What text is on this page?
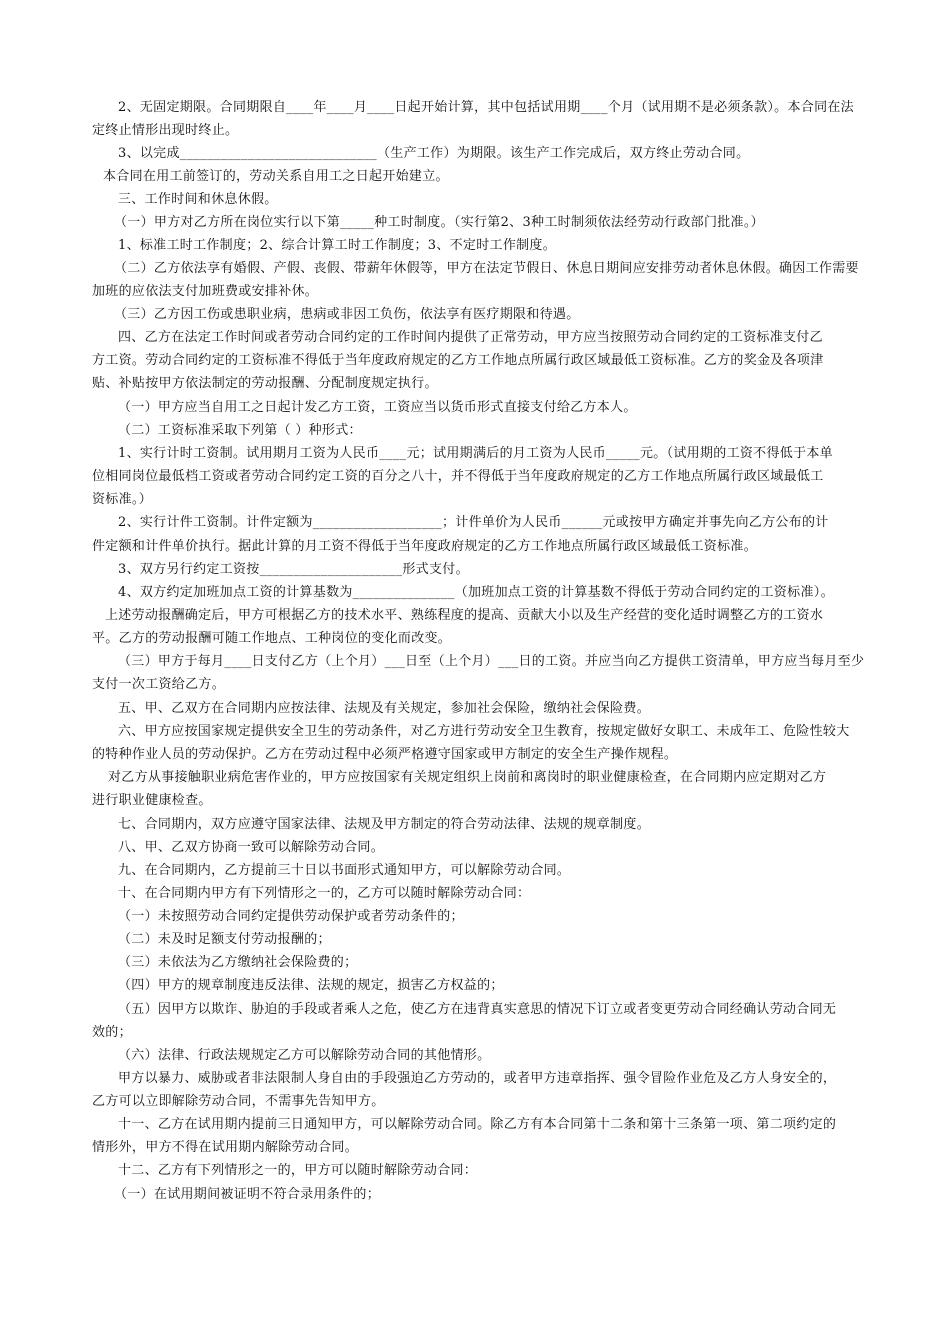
2、无固定期限。合同期限自____年____月____日起开始计算，其中包括试用期____个月（试用期不是必须条款）。本合同在法
定终止情形出现时终止。
3、以完成_____________________________（生产工作）为期限。该生产工作完成后，双方终止劳动合同。
本合同在用工前签订的，劳动关系自用工之日起开始建立。
三、工作时间和休息休假。
（一）甲方对乙方所在岗位实行以下第_____种工时制度。（实行第2、3种工时制须依法经劳动行政部门批准。）
1、标准工时工作制度；2、综合计算工时工作制度；3、不定时工作制度。
（二）乙方依法享有婚假、产假、丧假、带薪年休假等，甲方在法定节假日、休息日期间应安排劳动者休息休假。确因工作需要
加班的应依法支付加班费或安排补休。
（三）乙方因工伤或患职业病，患病或非因工负伤，依法享有医疗期限和待遇。
四、乙方在法定工作时间或者劳动合同约定的工作时间内提供了正常劳动，甲方应当按照劳动合同约定的工资标准支付乙
方工资。劳动合同约定的工资标准不得低于当年度政府规定的乙方工作地点所属行政区域最低工资标准。乙方的奖金及各项津
贴、补贴按甲方依法制定的劳动报酬、分配制度规定执行。
（一）甲方应当自用工之日起计发乙方工资，工资应当以货币形式直接支付给乙方本人。
（二）工资标准采取下列第（ ）种形式：
1、实行计时工资制。试用期月工资为人民币____元；试用期满后的月工资为人民币_____元。（试用期的工资不得低于本单
位相同岗位最低档工资或者劳动合同约定工资的百分之八十，并不得低于当年度政府规定的乙方工作地点所属行政区域最低工
资标准。）
2、实行计件工资制。计件定额为___________________；计件单价为人民币______元或按甲方确定并事先向乙方公布的计
件定额和计件单价执行。据此计算的月工资不得低于当年度政府规定的乙方工作地点所属行政区域最低工资标准。
3、双方另行约定工资按_____________________形式支付。
4、双方约定加班加点工资的计算基数为_______________（加班加点工资的计算基数不得低于劳动合同约定的工资标准）。
上述劳动报酬确定后，甲方可根据乙方的技术水平、熟练程度的提高、贡献大小以及生产经营的变化适时调整乙方的工资水
平。乙方的劳动报酬可随工作地点、工种岗位的变化而改变。
（三）甲方于每月____日支付乙方（上个月）___日至（上个月）___日的工资。并应当向乙方提供工资清单，甲方应当每月至少
支付一次工资给乙方。
五、甲、乙双方在合同期内应按法律、法规及有关规定，参加社会保险，缴纳社会保险费。
六、甲方应按国家规定提供安全卫生的劳动条件，对乙方进行劳动安全卫生教育，按规定做好女职工、未成年工、危险性较大
的特种作业人员的劳动保护。乙方在劳动过程中必须严格遵守国家或甲方制定的安全生产操作规程。
对乙方从事接触职业病危害作业的，甲方应按国家有关规定组织上岗前和离岗时的职业健康检查，在合同期内应定期对乙方
进行职业健康检查。
七、合同期内，双方应遵守国家法律、法规及甲方制定的符合劳动法律、法规的规章制度。
八、甲、乙双方协商一致可以解除劳动合同。
九、在合同期内，乙方提前三十日以书面形式通知甲方，可以解除劳动合同。
十、在合同期内甲方有下列情形之一的，乙方可以随时解除劳动合同：
（一）未按照劳动合同约定提供劳动保护或者劳动条件的；
（二）未及时足额支付劳动报酬的；
（三）未依法为乙方缴纳社会保险费的；
（四）甲方的规章制度违反法律、法规的规定，损害乙方权益的；
（五）因甲方以欺诈、胁迫的手段或者乘人之危，使乙方在违背真实意思的情况下订立或者变更劳动合同经确认劳动合同无
效的；
（六）法律、行政法规规定乙方可以解除劳动合同的其他情形。
甲方以暴力、威胁或者非法限制人身自由的手段强迫乙方劳动的，或者甲方违章指挥、强令冒险作业危及乙方人身安全的，
乙方可以立即解除劳动合同，不需事先告知甲方。
十一、乙方在试用期内提前三日通知甲方，可以解除劳动合同。除乙方有本合同第十二条和第十三条第一项、第二项约定的
情形外，甲方不得在试用期内解除劳动合同。
十二、乙方有下列情形之一的，甲方可以随时解除劳动合同：
（一）在试用期间被证明不符合录用条件的；
